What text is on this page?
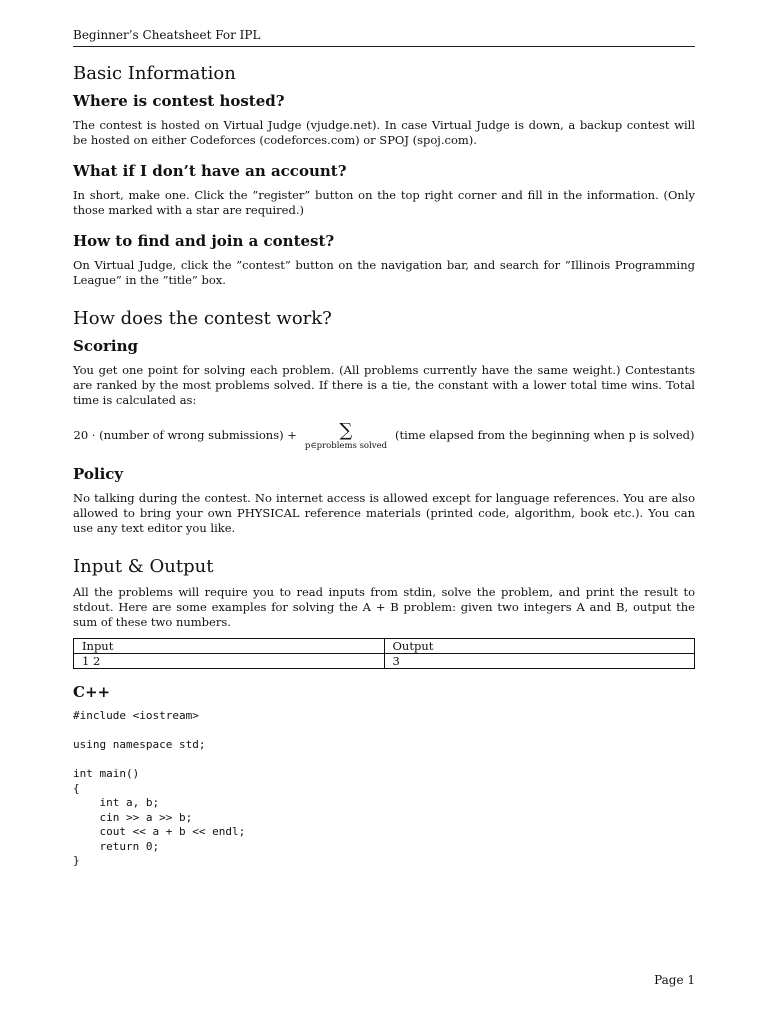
Beginner’s Cheatsheet For IPL
Basic Information
Where is contest hosted?

The contest is hosted on Virtual Judge (vjudge.net). In case Virtual Judge is down, a backup contest will be hosted on either Codeforces (codeforces.com) or SPOJ (spoj.com).

What if I don’t have an account?

In short, make one. Click the ”register” button on the top right corner and fill in the information. (Only those marked with a star are required.)

How to find and join a contest?

On Virtual Judge, click the ”contest” button on the navigation bar, and search for ”Illinois Programming League” in the ”title” box.

How does the contest work?
Scoring

You get one point for solving each problem. (All problems currently have the same weight.) Contestants are ranked by the most problems solved. If there is a tie, the constant with a lower total time wins. Total time is calculated as:

20 · (number of wrong submissions) + ∑
p∈problems solved
(time elapsed from the beginning when p is solved)
Policy

No talking during the contest. No internet access is allowed except for language references. You are also allowed to bring your own PHYSICAL reference materials (printed code, algorithm, book etc.). You can use any text editor you like.

Input & Output

All the problems will require you to read inputs from stdin, solve the problem, and print the result to stdout. Here are some examples for solving the A + B problem: given two integers A and B, output the sum of these two numbers.

Input	Output
1 2	3
C++
#include <iostream>

using namespace std;

int main()
{
int a, b;
cin >> a >> b;
cout << a + b << endl;
return 0;
}
Page 1
